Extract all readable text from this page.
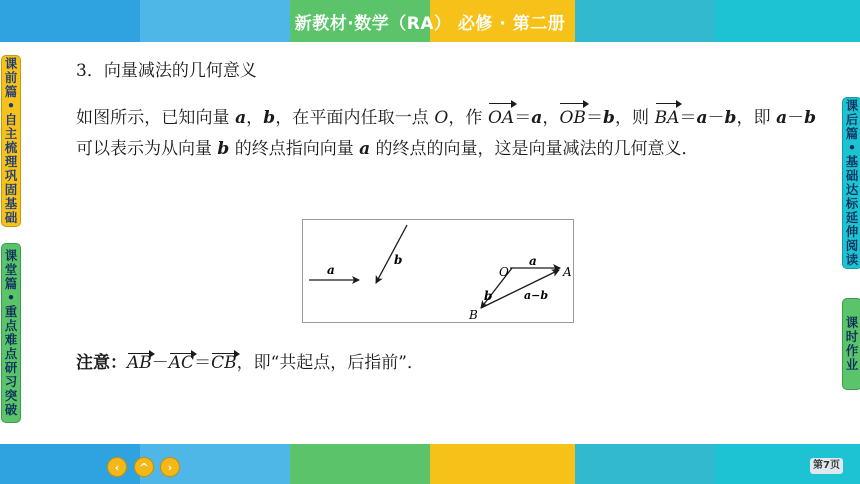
新教材·数学（RA） 必修 · 第二册
课
前
篇
•
自
主
梳
理
巩
固
基
础
课
堂
篇
•
重
点
难
点
研
习
突
破
课
后
篇
•
基
础
达
标
延
伸
阅
读
课
时
作
业
3．向量减法的几何意义
如图所示，已知向量 a，b，在平面内任取一点 O，作 OA＝a，OB＝b，则 BA＝a－b，即 a－b 可以表示为从向量 b 的终点指向向量 a 的终点的向量，这是向量减法的几何意义．
a
b
O
a
A
b	a−b
B
注意：AB－AC＝CB，即“共起点，后指前”．
‹	^	›	第7页
